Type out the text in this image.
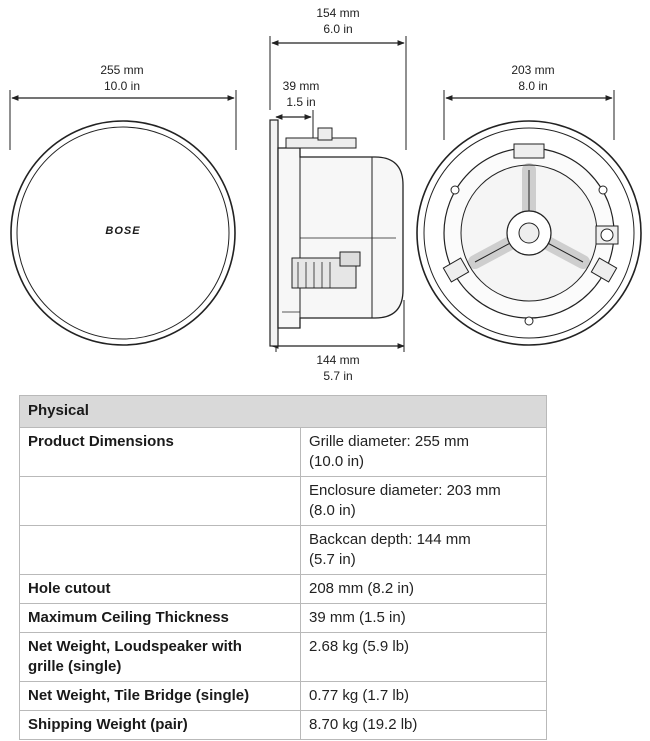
255 mm
10.0 in
BOSE
154 mm
6.0 in
39 mm
1.5 in
144 mm
5.7 in
203 mm
8.0 in
Physical	
Product Dimensions	Grille diameter: 255 mm
(10.0 in)

	Enclosure diameter: 203 mm
(8.0 in)

	Backcan depth: 144 mm
(5.7 in)

Hole cutout	208 mm (8.2 in)
Maximum Ceiling Thickness	39 mm (1.5 in)

Net Weight, Loudspeaker with
grille (single)	2.68 kg (5.9 lb)
Net Weight, Tile Bridge (single)	0.77 kg (1.7 lb)
Shipping Weight (pair)	8.70 kg (19.2 lb)
